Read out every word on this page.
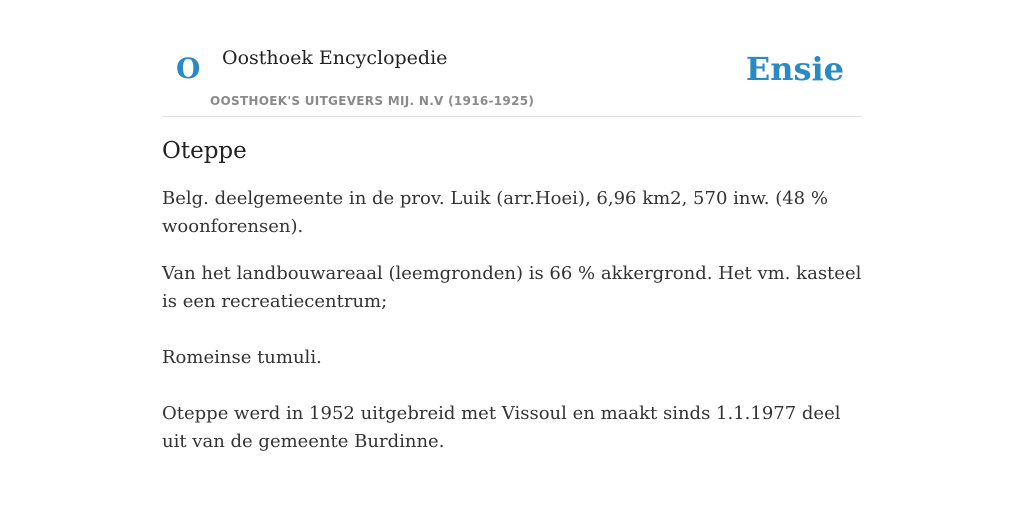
O Oosthoek Encyclopedie
OOSTHOEK'S UITGEVERS MIJ. N.V (1916-1925)
Ensie
Oteppe

Belg. deelgemeente in de prov. Luik (arr.Hoei), 6,96 km2, 570 inw. (48 % woonforensen).

Van het landbouwareaal (leemgronden) is 66 % akkergrond. Het vm. kasteel is een recreatiecentrum;

Romeinse tumuli.

Oteppe werd in 1952 uitgebreid met Vissoul en maakt sinds 1.1.1977 deel uit van de gemeente Burdinne.
